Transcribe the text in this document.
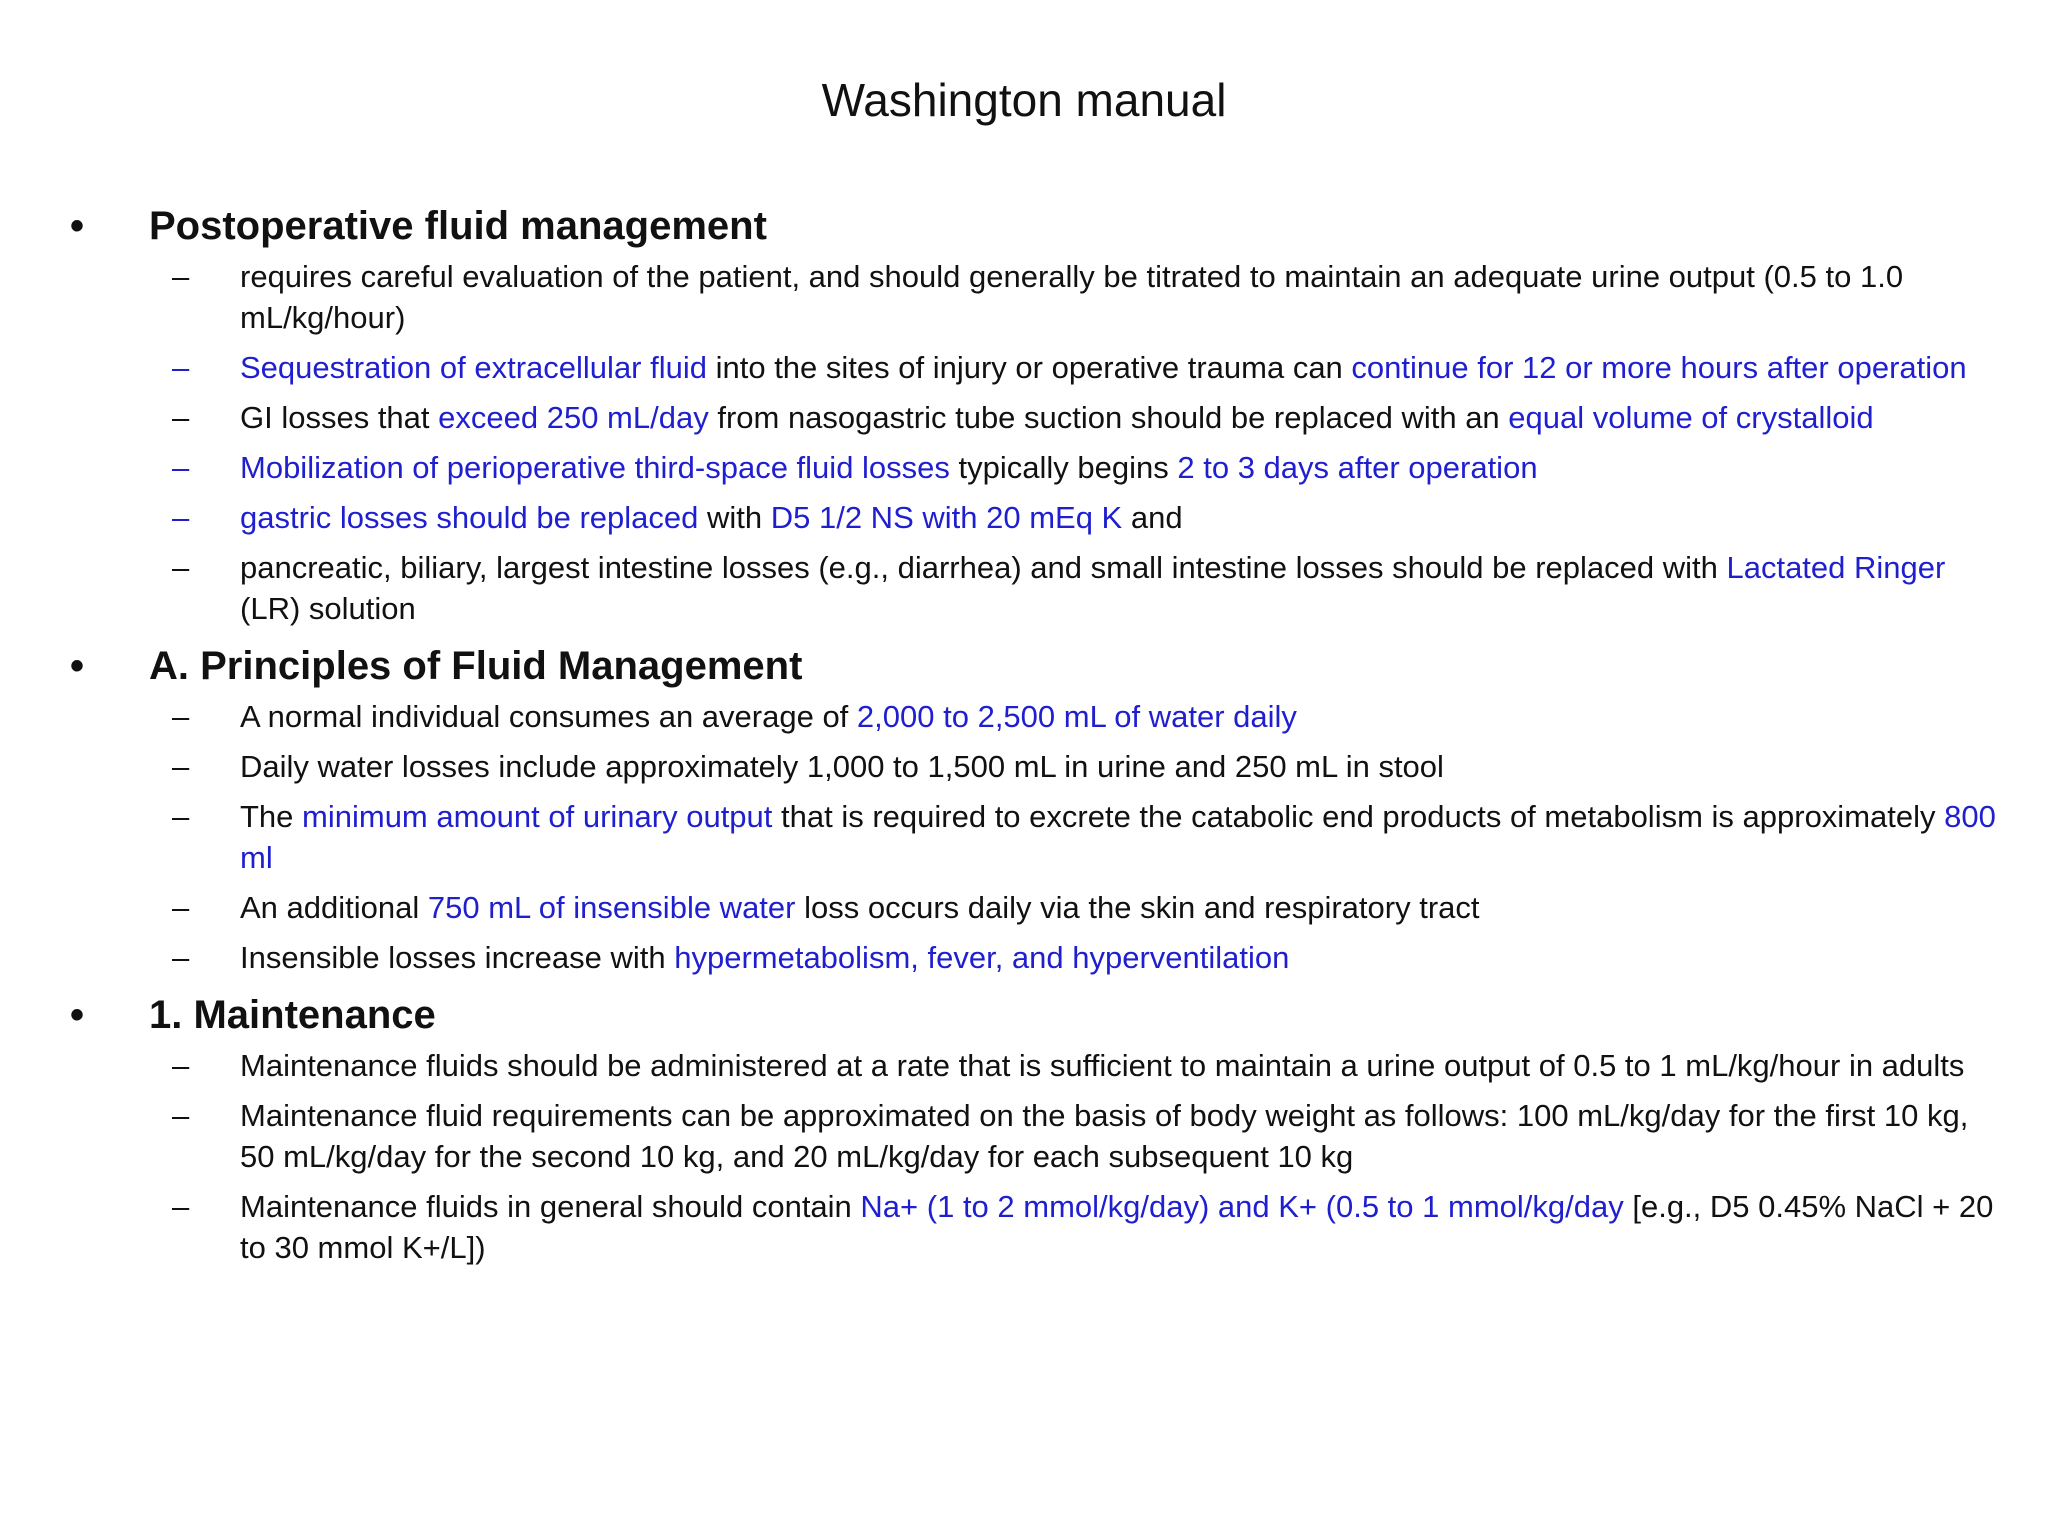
Washington manual
• Postoperative fluid management
– requires careful evaluation of the patient, and should generally be titrated to maintain an adequate urine output (0.5 to 1.0 mL/kg/hour)
– Sequestration of extracellular fluid into the sites of injury or operative trauma can continue for 12 or more hours after operation
– GI losses that exceed 250 mL/day from nasogastric tube suction should be replaced with an equal volume of crystalloid
– Mobilization of perioperative third-space fluid losses typically begins 2 to 3 days after operation
– gastric losses should be replaced with D5 1/2 NS with 20 mEq K and
– pancreatic, biliary, largest intestine losses (e.g., diarrhea) and small intestine losses should be replaced with Lactated Ringer (LR) solution
• A. Principles of Fluid Management
– A normal individual consumes an average of 2,000 to 2,500 mL of water daily
– Daily water losses include approximately 1,000 to 1,500 mL in urine and 250 mL in stool
– The minimum amount of urinary output that is required to excrete the catabolic end products of metabolism is approximately 800 ml
– An additional 750 mL of insensible water loss occurs daily via the skin and respiratory tract
– Insensible losses increase with hypermetabolism, fever, and hyperventilation
• 1. Maintenance
– Maintenance fluids should be administered at a rate that is sufficient to maintain a urine output of 0.5 to 1 mL/kg/hour in adults
– Maintenance fluid requirements can be approximated on the basis of body weight as follows: 100 mL/kg/day for the first 10 kg, 50 mL/kg/day for the second 10 kg, and 20 mL/kg/day for each subsequent 10 kg
– Maintenance fluids in general should contain Na+ (1 to 2 mmol/kg/day) and K+ (0.5 to 1 mmol/kg/day [e.g., D5 0.45% NaCl + 20 to 30 mmol K+/L])
